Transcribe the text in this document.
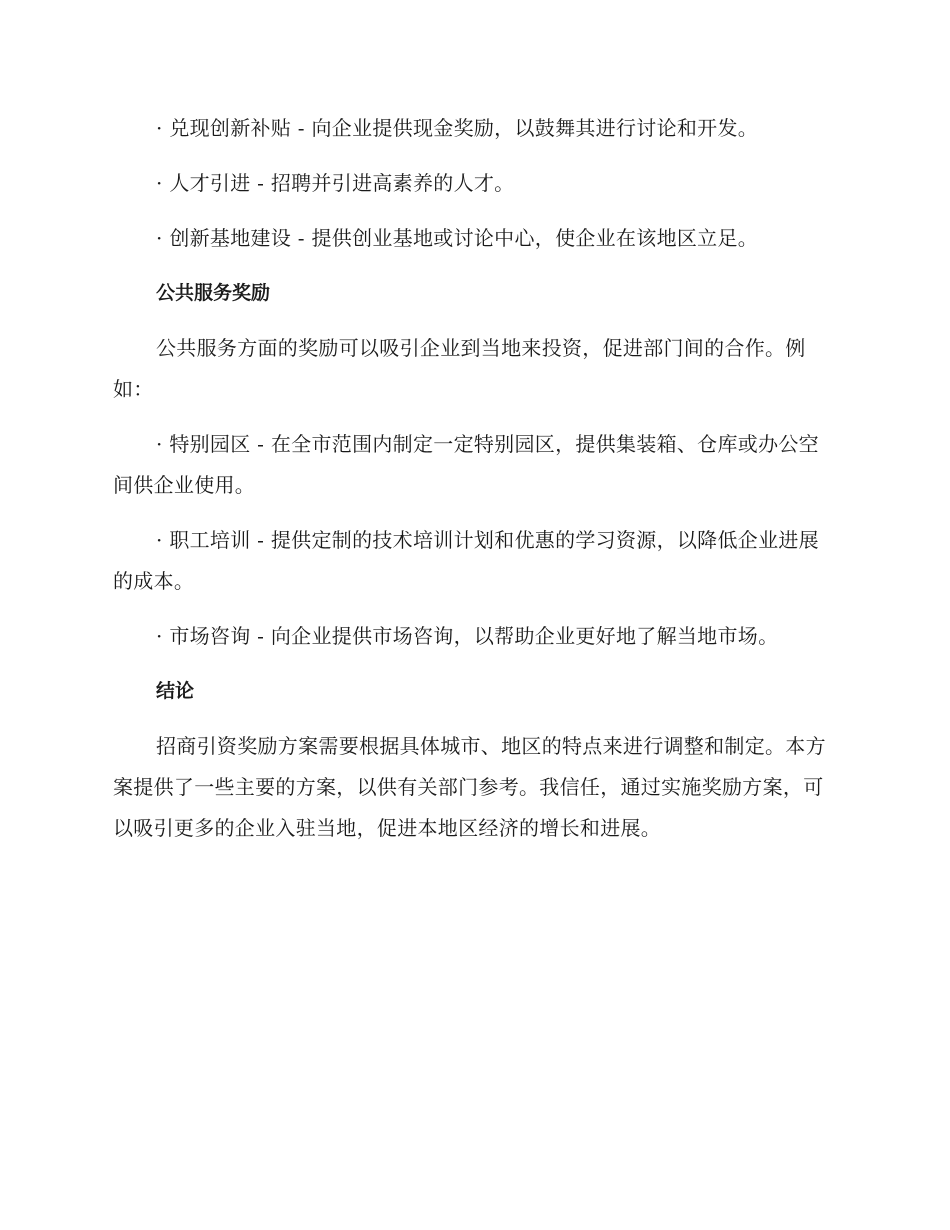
· 兑现创新补贴 - 向企业提供现金奖励，以鼓舞其进行讨论和开发。

· 人才引进 - 招聘并引进高素养的人才。

· 创新基地建设 - 提供创业基地或讨论中心，使企业在该地区立足。

公共服务奖励

公共服务方面的奖励可以吸引企业到当地来投资，促进部门间的合作。例如：

· 特别园区 - 在全市范围内制定一定特别园区，提供集装箱、仓库或办公空间供企业使用。

· 职工培训 - 提供定制的技术培训计划和优惠的学习资源，以降低企业进展的成本。

· 市场咨询 - 向企业提供市场咨询，以帮助企业更好地了解当地市场。

结论

招商引资奖励方案需要根据具体城市、地区的特点来进行调整和制定。本方案提供了一些主要的方案，以供有关部门参考。我信任，通过实施奖励方案，可以吸引更多的企业入驻当地，促进本地区经济的增长和进展。
